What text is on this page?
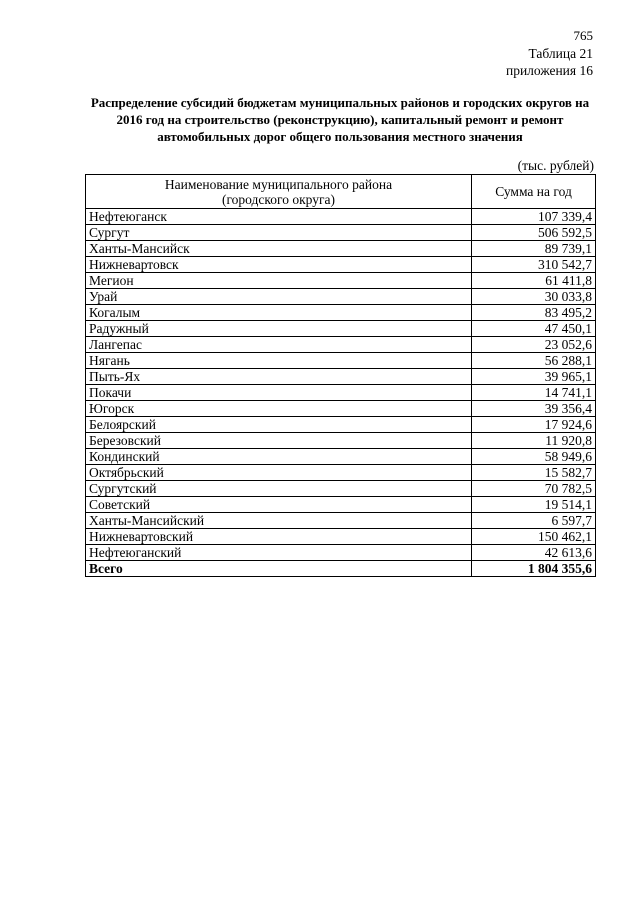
765
Таблица 21
приложения 16
Распределение субсидий бюджетам муниципальных районов и городских округов на 2016 год на строительство (реконструкцию), капитальный ремонт и ремонт автомобильных дорог общего пользования местного значения
(тыс. рублей)
Наименование муниципального района
(городского округа)	Сумма на год
Нефтеюганск	107 339,4
Сургут	506 592,5
Ханты-Мансийск	89 739,1
Нижневартовск	310 542,7
Мегион	61 411,8
Урай	30 033,8
Когалым	83 495,2
Радужный	47 450,1
Лангепас	23 052,6
Нягань	56 288,1
Пыть-Ях	39 965,1
Покачи	14 741,1
Югорск	39 356,4
Белоярский	17 924,6
Березовский	11 920,8
Кондинский	58 949,6
Октябрьский	15 582,7
Сургутский	70 782,5
Советский	19 514,1
Ханты-Мансийский	6 597,7
Нижневартовский	150 462,1
Нефтеюганский	42 613,6
Всего	1 804 355,6
